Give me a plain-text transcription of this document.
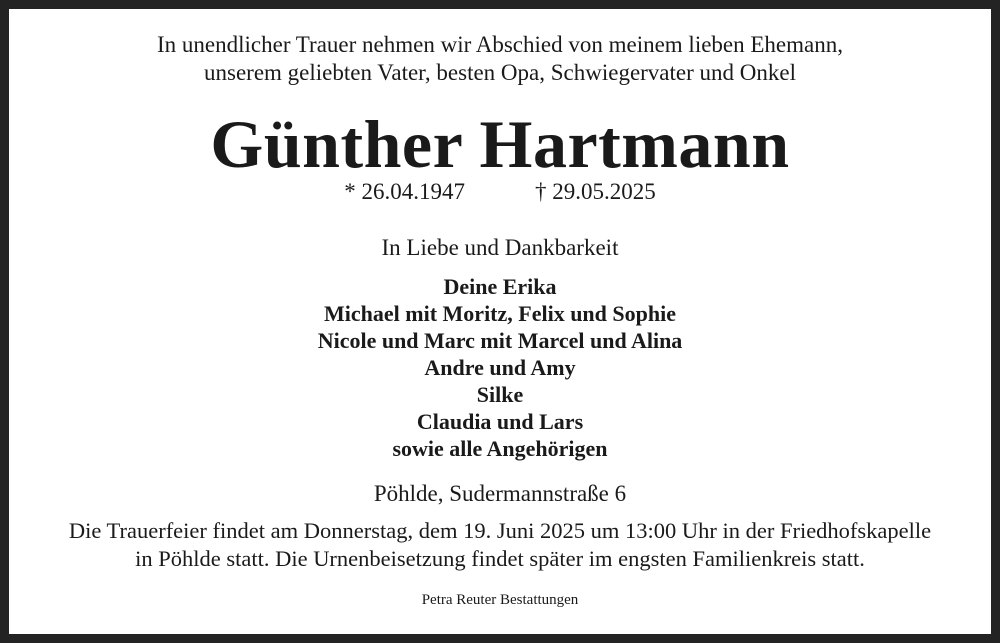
In unendlicher Trauer nehmen wir Abschied von meinem lieben Ehemann,
unserem geliebten Vater, besten Opa, Schwiegervater und Onkel
Günther Hartmann
* 26.04.1947	† 29.05.2025
In Liebe und Dankbarkeit
Deine Erika
Michael mit Moritz, Felix und Sophie
Nicole und Marc mit Marcel und Alina
Andre und Amy
Silke
Claudia und Lars
sowie alle Angehörigen
Pöhlde, Sudermannstraße 6
Die Trauerfeier findet am Donnerstag, dem 19. Juni 2025 um 13:00 Uhr in der Friedhofskapelle
in Pöhlde statt. Die Urnenbeisetzung findet später im engsten Familienkreis statt.
Petra Reuter Bestattungen
